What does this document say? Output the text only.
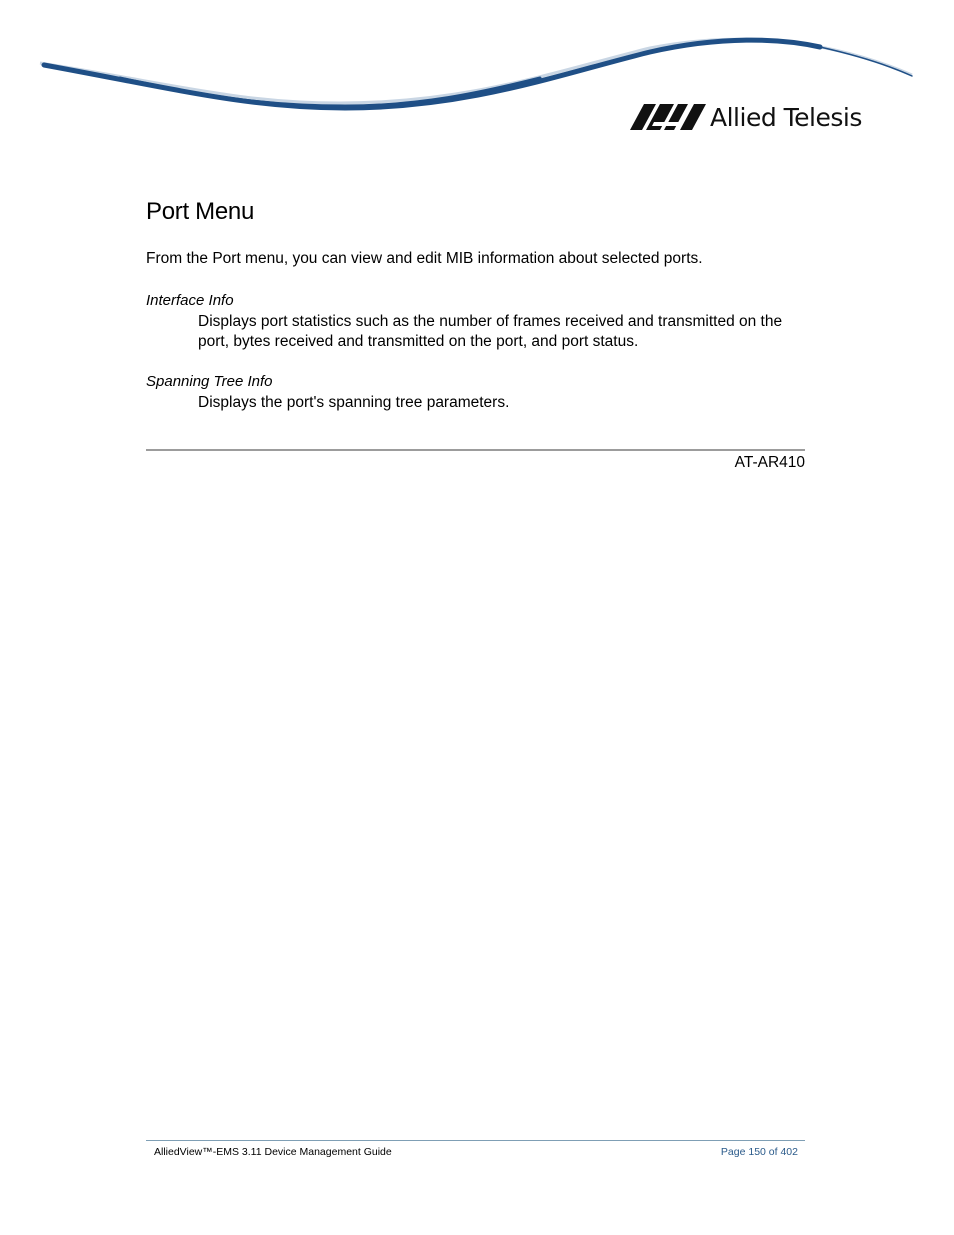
Allied Telesis
Port Menu

From the Port menu, you can view and edit MIB information about selected ports.

Interface Info

Displays port statistics such as the number of frames received and transmitted on the port, bytes received and transmitted on the port, and port status.

Spanning Tree Info

Displays the port's spanning tree parameters.

AT-AR410
AlliedView™-EMS 3.11 Device Management Guide	Page 150 of 402
